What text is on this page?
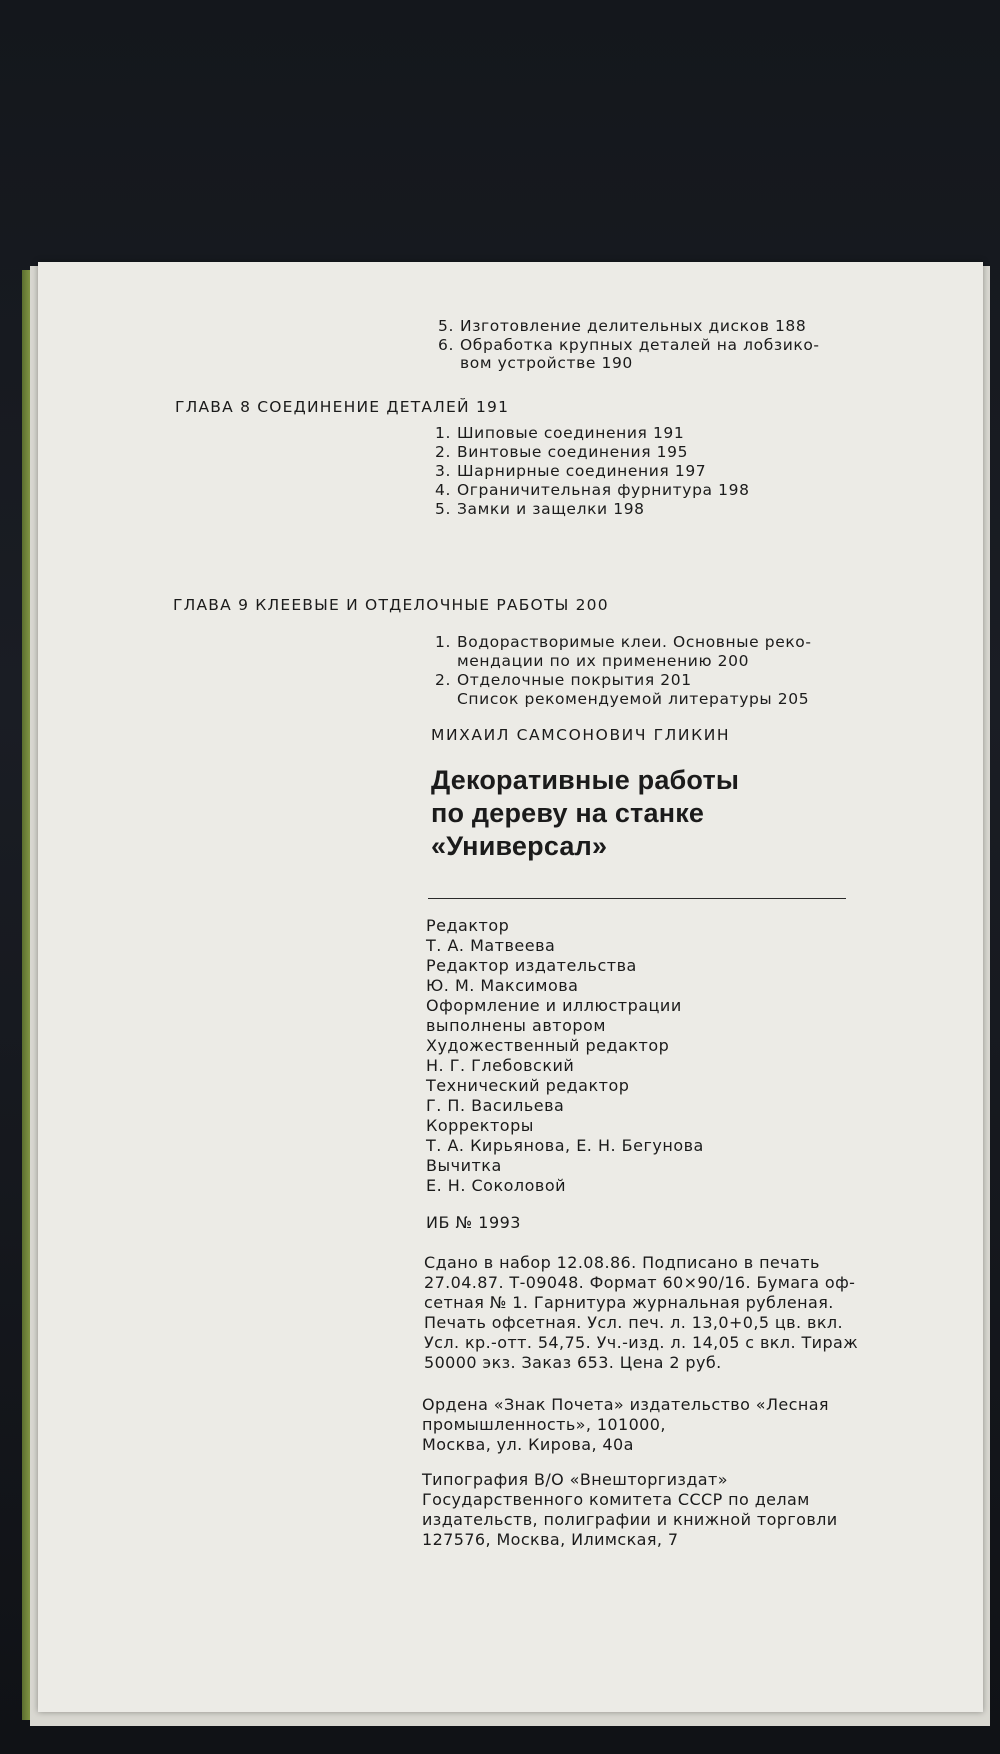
5. Изготовление делительных дисков 188
6. Обработка крупных деталей на лобзико-
вом устройстве 190
ГЛАВА 8 СОЕДИНЕНИЕ ДЕТАЛЕЙ 191
1. Шиповые соединения 191
2. Винтовые соединения 195
3. Шарнирные соединения 197
4. Ограничительная фурнитура 198
5. Замки и защелки 198
ГЛАВА 9 КЛЕЕВЫЕ И ОТДЕЛОЧНЫЕ РАБОТЫ 200
1. Водорастворимые клеи. Основные реко-
мендации по их применению 200
2. Отделочные покрытия 201
Список рекомендуемой литературы 205
МИХАИЛ САМСОНОВИЧ ГЛИКИН
Декоративные работы
по дереву на станке
«Универсал»
Редактор
Т. А. Матвеева
Редактор издательства
Ю. М. Максимова
Оформление и иллюстрации
выполнены автором
Художественный редактор
Н. Г. Глебовский
Технический редактор
Г. П. Васильева
Корректоры
Т. А. Кирьянова, Е. Н. Бегунова
Вычитка
Е. Н. Соколовой
ИБ № 1993
Сдано в набор 12.08.86. Подписано в печать
27.04.87. Т-09048. Формат 60×90/16. Бумага оф-
сетная № 1. Гарнитура журнальная рубленая.
Печать офсетная. Усл. печ. л. 13,0+0,5 цв. вкл.
Усл. кр.-отт. 54,75. Уч.-изд. л. 14,05 с вкл. Тираж
50000 экз. Заказ 653. Цена 2 руб.
Ордена «Знак Почета» издательство «Лесная
промышленность», 101000,
Москва, ул. Кирова, 40а
Типография В/О «Внешторгиздат»
Государственного комитета СССР по делам
издательств, полиграфии и книжной торговли
127576, Москва, Илимская, 7
